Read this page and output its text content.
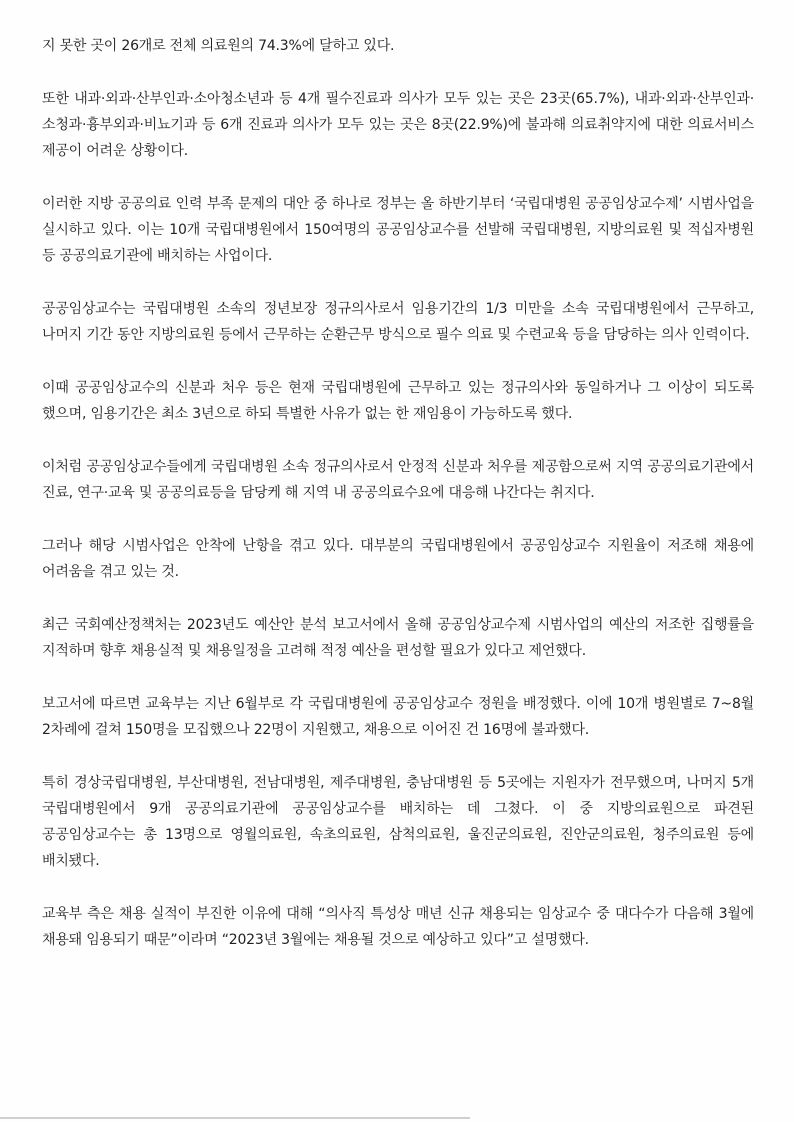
지 못한 곳이 26개로 전체 의료원의 74.3%에 달하고 있다.

또한 내과·외과·산부인과·소아청소년과 등 4개 필수진료과 의사가 모두 있는 곳은 23곳(65.7%), 내과·외과·산부인과·소청과·흉부외과·비뇨기과 등 6개 진료과 의사가 모두 있는 곳은 8곳(22.9%)에 불과해 의료취약지에 대한 의료서비스 제공이 어려운 상황이다.

이러한 지방 공공의료 인력 부족 문제의 대안 중 하나로 정부는 올 하반기부터 ‘국립대병원 공공임상교수제’ 시범사업을 실시하고 있다. 이는 10개 국립대병원에서 150여명의 공공임상교수를 선발해 국립대병원, 지방의료원 및 적십자병원 등 공공의료기관에 배치하는 사업이다.

공공임상교수는 국립대병원 소속의 정년보장 정규의사로서 임용기간의 1/3 미만을 소속 국립대병원에서 근무하고, 나머지 기간 동안 지방의료원 등에서 근무하는 순환근무 방식으로 필수 의료 및 수련교육 등을 담당하는 의사 인력이다.

이때 공공임상교수의 신분과 처우 등은 현재 국립대병원에 근무하고 있는 정규의사와 동일하거나 그 이상이 되도록 했으며, 임용기간은 최소 3년으로 하되 특별한 사유가 없는 한 재임용이 가능하도록 했다.

이처럼 공공임상교수들에게 국립대병원 소속 정규의사로서 안정적 신분과 처우를 제공함으로써 지역 공공의료기관에서 진료, 연구·교육 및 공공의료등을 담당케 해 지역 내 공공의료수요에 대응해 나간다는 취지다.

그러나 해당 시범사업은 안착에 난항을 겪고 있다. 대부분의 국립대병원에서 공공임상교수 지원율이 저조해 채용에 어려움을 겪고 있는 것.

최근 국회예산정책처는 2023년도 예산안 분석 보고서에서 올해 공공임상교수제 시범사업의 예산의 저조한 집행률을 지적하며 향후 채용실적 및 채용일정을 고려해 적정 예산을 편성할 필요가 있다고 제언했다.

보고서에 따르면 교육부는 지난 6월부로 각 국립대병원에 공공임상교수 정원을 배정했다. 이에 10개 병원별로 7~8월 2차례에 걸쳐 150명을 모집했으나 22명이 지원했고, 채용으로 이어진 건 16명에 불과했다.

특히 경상국립대병원, 부산대병원, 전남대병원, 제주대병원, 충남대병원 등 5곳에는 지원자가 전무했으며, 나머지 5개 국립대병원에서 9개 공공의료기관에 공공임상교수를 배치하는 데 그쳤다. 이 중 지방의료원으로 파견된 공공임상교수는 총 13명으로 영월의료원, 속초의료원, 삼척의료원, 울진군의료원, 진안군의료원, 청주의료원 등에 배치됐다.

교육부 측은 채용 실적이 부진한 이유에 대해 “의사직 특성상 매년 신규 채용되는 임상교수 중 대다수가 다음해 3월에 채용돼 임용되기 때문”이라며 “2023년 3월에는 채용될 것으로 예상하고 있다”고 설명했다.
